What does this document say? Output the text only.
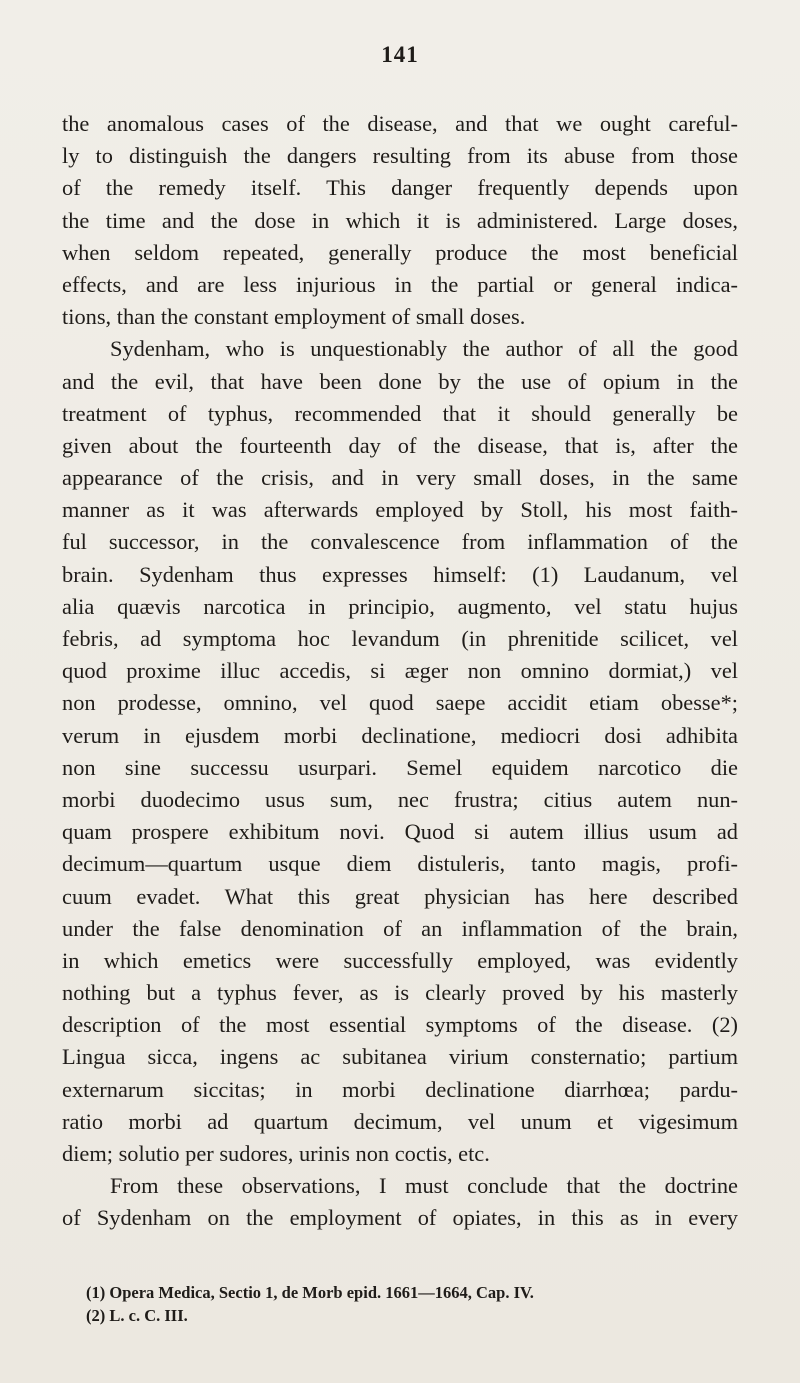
141
the anomalous cases of the disease, and that we ought careful-
ly to distinguish the dangers resulting from its abuse from those
of the remedy itself. This danger frequently depends upon
the time and the dose in which it is administered. Large doses,
when seldom repeated, generally produce the most beneficial
effects, and are less injurious in the partial or general indica-
tions, than the constant employment of small doses.
Sydenham, who is unquestionably the author of all the good
and the evil, that have been done by the use of opium in the
treatment of typhus, recommended that it should generally be
given about the fourteenth day of the disease, that is, after the
appearance of the crisis, and in very small doses, in the same
manner as it was afterwards employed by Stoll, his most faith-
ful successor, in the convalescence from inflammation of the
brain. Sydenham thus expresses himself: (1) Laudanum, vel
alia quævis narcotica in principio, augmento, vel statu hujus
febris, ad symptoma hoc levandum (in phrenitide scilicet, vel
quod proxime illuc accedis, si æger non omnino dormiat,) vel
non prodesse, omnino, vel quod saepe accidit etiam obesse*;
verum in ejusdem morbi declinatione, mediocri dosi adhibita
non sine successu usurpari. Semel equidem narcotico die
morbi duodecimo usus sum, nec frustra; citius autem nun-
quam prospere exhibitum novi. Quod si autem illius usum ad
decimum—quartum usque diem distuleris, tanto magis, profi-
cuum evadet. What this great physician has here described
under the false denomination of an inflammation of the brain,
in which emetics were successfully employed, was evidently
nothing but a typhus fever, as is clearly proved by his masterly
description of the most essential symptoms of the disease. (2)
Lingua sicca, ingens ac subitanea virium consternatio; partium
externarum siccitas; in morbi declinatione diarrhœa; pardu-
ratio morbi ad quartum decimum, vel unum et vigesimum
diem; solutio per sudores, urinis non coctis, etc.
From these observations, I must conclude that the doctrine
of Sydenham on the employment of opiates, in this as in every
(1) Opera Medica, Sectio 1, de Morb epid. 1661—1664, Cap. IV.
(2) L. c. C. III.
